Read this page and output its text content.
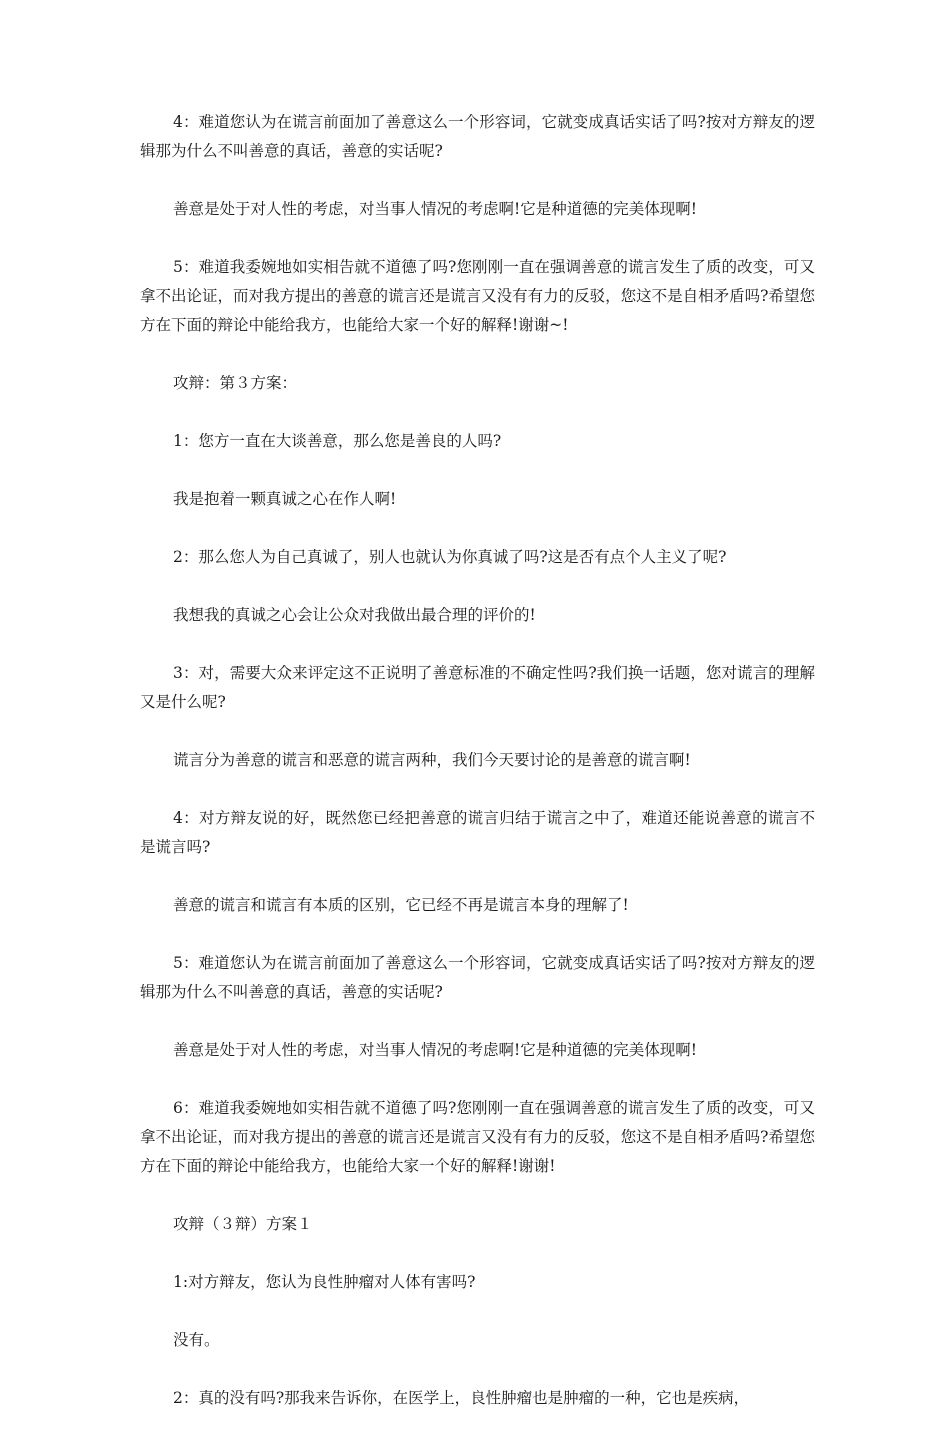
4：难道您认为在谎言前面加了善意这么一个形容词，它就变成真话实话了吗?按对方辩友的逻辑那为什么不叫善意的真话，善意的实话呢?

善意是处于对人性的考虑，对当事人情况的考虑啊!它是种道德的完美体现啊!

5：难道我委婉地如实相告就不道德了吗?您刚刚一直在强调善意的谎言发生了质的改变，可又拿不出论证，而对我方提出的善意的谎言还是谎言又没有有力的反驳，您这不是自相矛盾吗?希望您方在下面的辩论中能给我方，也能给大家一个好的解释!谢谢~!

攻辩：第３方案：

1：您方一直在大谈善意，那么您是善良的人吗?

我是抱着一颗真诚之心在作人啊!

2：那么您人为自己真诚了，别人也就认为你真诚了吗?这是否有点个人主义了呢?

我想我的真诚之心会让公众对我做出最合理的评价的!

3：对，需要大众来评定这不正说明了善意标准的不确定性吗?我们换一话题，您对谎言的理解又是什么呢?

谎言分为善意的谎言和恶意的谎言两种，我们今天要讨论的是善意的谎言啊!

4：对方辩友说的好，既然您已经把善意的谎言归结于谎言之中了，难道还能说善意的谎言不是谎言吗?

善意的谎言和谎言有本质的区别，它已经不再是谎言本身的理解了!

5：难道您认为在谎言前面加了善意这么一个形容词，它就变成真话实话了吗?按对方辩友的逻辑那为什么不叫善意的真话，善意的实话呢?

善意是处于对人性的考虑，对当事人情况的考虑啊!它是种道德的完美体现啊!

6：难道我委婉地如实相告就不道德了吗?您刚刚一直在强调善意的谎言发生了质的改变，可又拿不出论证，而对我方提出的善意的谎言还是谎言又没有有力的反驳，您这不是自相矛盾吗?希望您方在下面的辩论中能给我方，也能给大家一个好的解释!谢谢!

攻辩（３辩）方案１

1:对方辩友，您认为良性肿瘤对人体有害吗?

没有。

2：真的没有吗?那我来告诉你，在医学上，良性肿瘤也是肿瘤的一种，它也是疾病，
